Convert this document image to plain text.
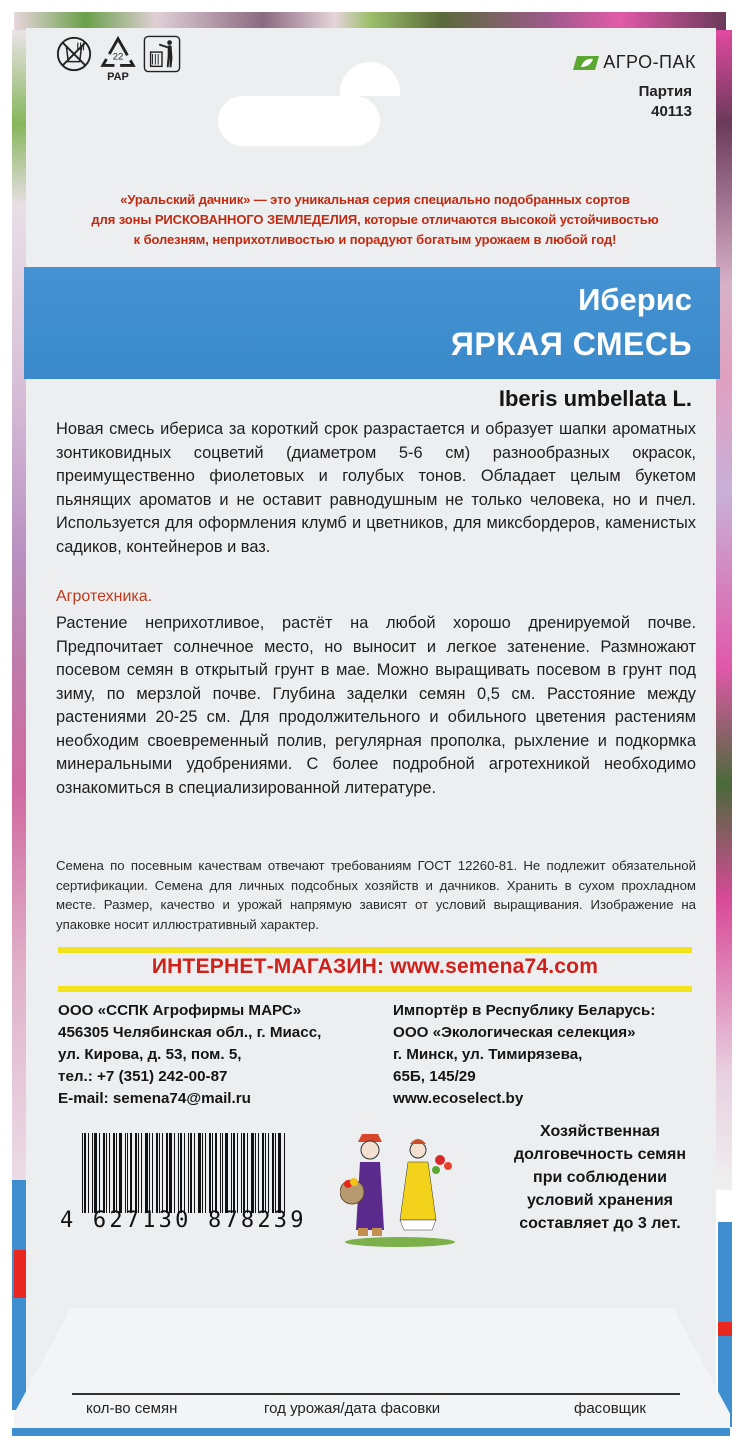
22
PAP
АГРО-ПАК
Партия
40113
«Уральский дачник» — это уникальная серия специально подобранных сортов
для зоны РИСКОВАННОГО ЗЕМЛЕДЕЛИЯ, которые отличаются высокой устойчивостью
к болезням, неприхотливостью и порадуют богатым урожаем в любой год!
Иберис
ЯРКАЯ СМЕСЬ
Iberis umbellata L.
Новая смесь ибериса за короткий срок разрастается и образует шапки ароматных зонтиковидных соцветий (диаметром 5-6 см) разнообразных окрасок, преимущественно фиолетовых и голубых тонов. Обладает целым букетом пьянящих ароматов и не оставит равнодушным не только человека, но и пчел. Используется для оформления клумб и цветников, для миксбордеров, каменистых садиков, контейнеров и ваз.
Агротехника.
Растение неприхотливое, растёт на любой хорошо дренируемой почве. Предпочитает солнечное место, но выносит и легкое затенение. Размножают посевом семян в открытый грунт в мае. Можно выращивать посевом в грунт под зиму, по мерзлой почве. Глубина заделки семян 0,5 см. Расстояние между растениями 20-25 см. Для продолжительного и обильного цветения растениям необходим своевременный полив, регулярная прополка, рыхление и подкормка минеральными удобрениями. С более подробной агротехникой необходимо ознакомиться в специализированной литературе.
Семена по посевным качествам отвечают требованиям ГОСТ 12260-81. Не подлежит обязательной сертификации. Семена для личных подсобных хозяйств и дачников. Хранить в сухом прохладном месте. Размер, качество и урожай напрямую зависят от условий выращивания. Изображение на упаковке носит иллюстративный характер.
ИНТЕРНЕТ-МАГАЗИН: www.semena74.com
ООО «ССПК Агрофирмы МАРС»
456305 Челябинская обл., г. Миасс,
ул. Кирова, д. 53, пом. 5,
тел.: +7 (351) 242-00-87
E-mail: semena74@mail.ru
Импортёр в Республику Беларусь:
ООО «Экологическая селекция»
г. Минск, ул. Тимирязева,
65Б, 145/29
www.ecoselect.by
4 627130 878239
Хозяйственная
долговечность семян
при соблюдении
условий хранения
составляет до 3 лет.
кол-во семян	год урожая/дата фасовки	фасовщик
